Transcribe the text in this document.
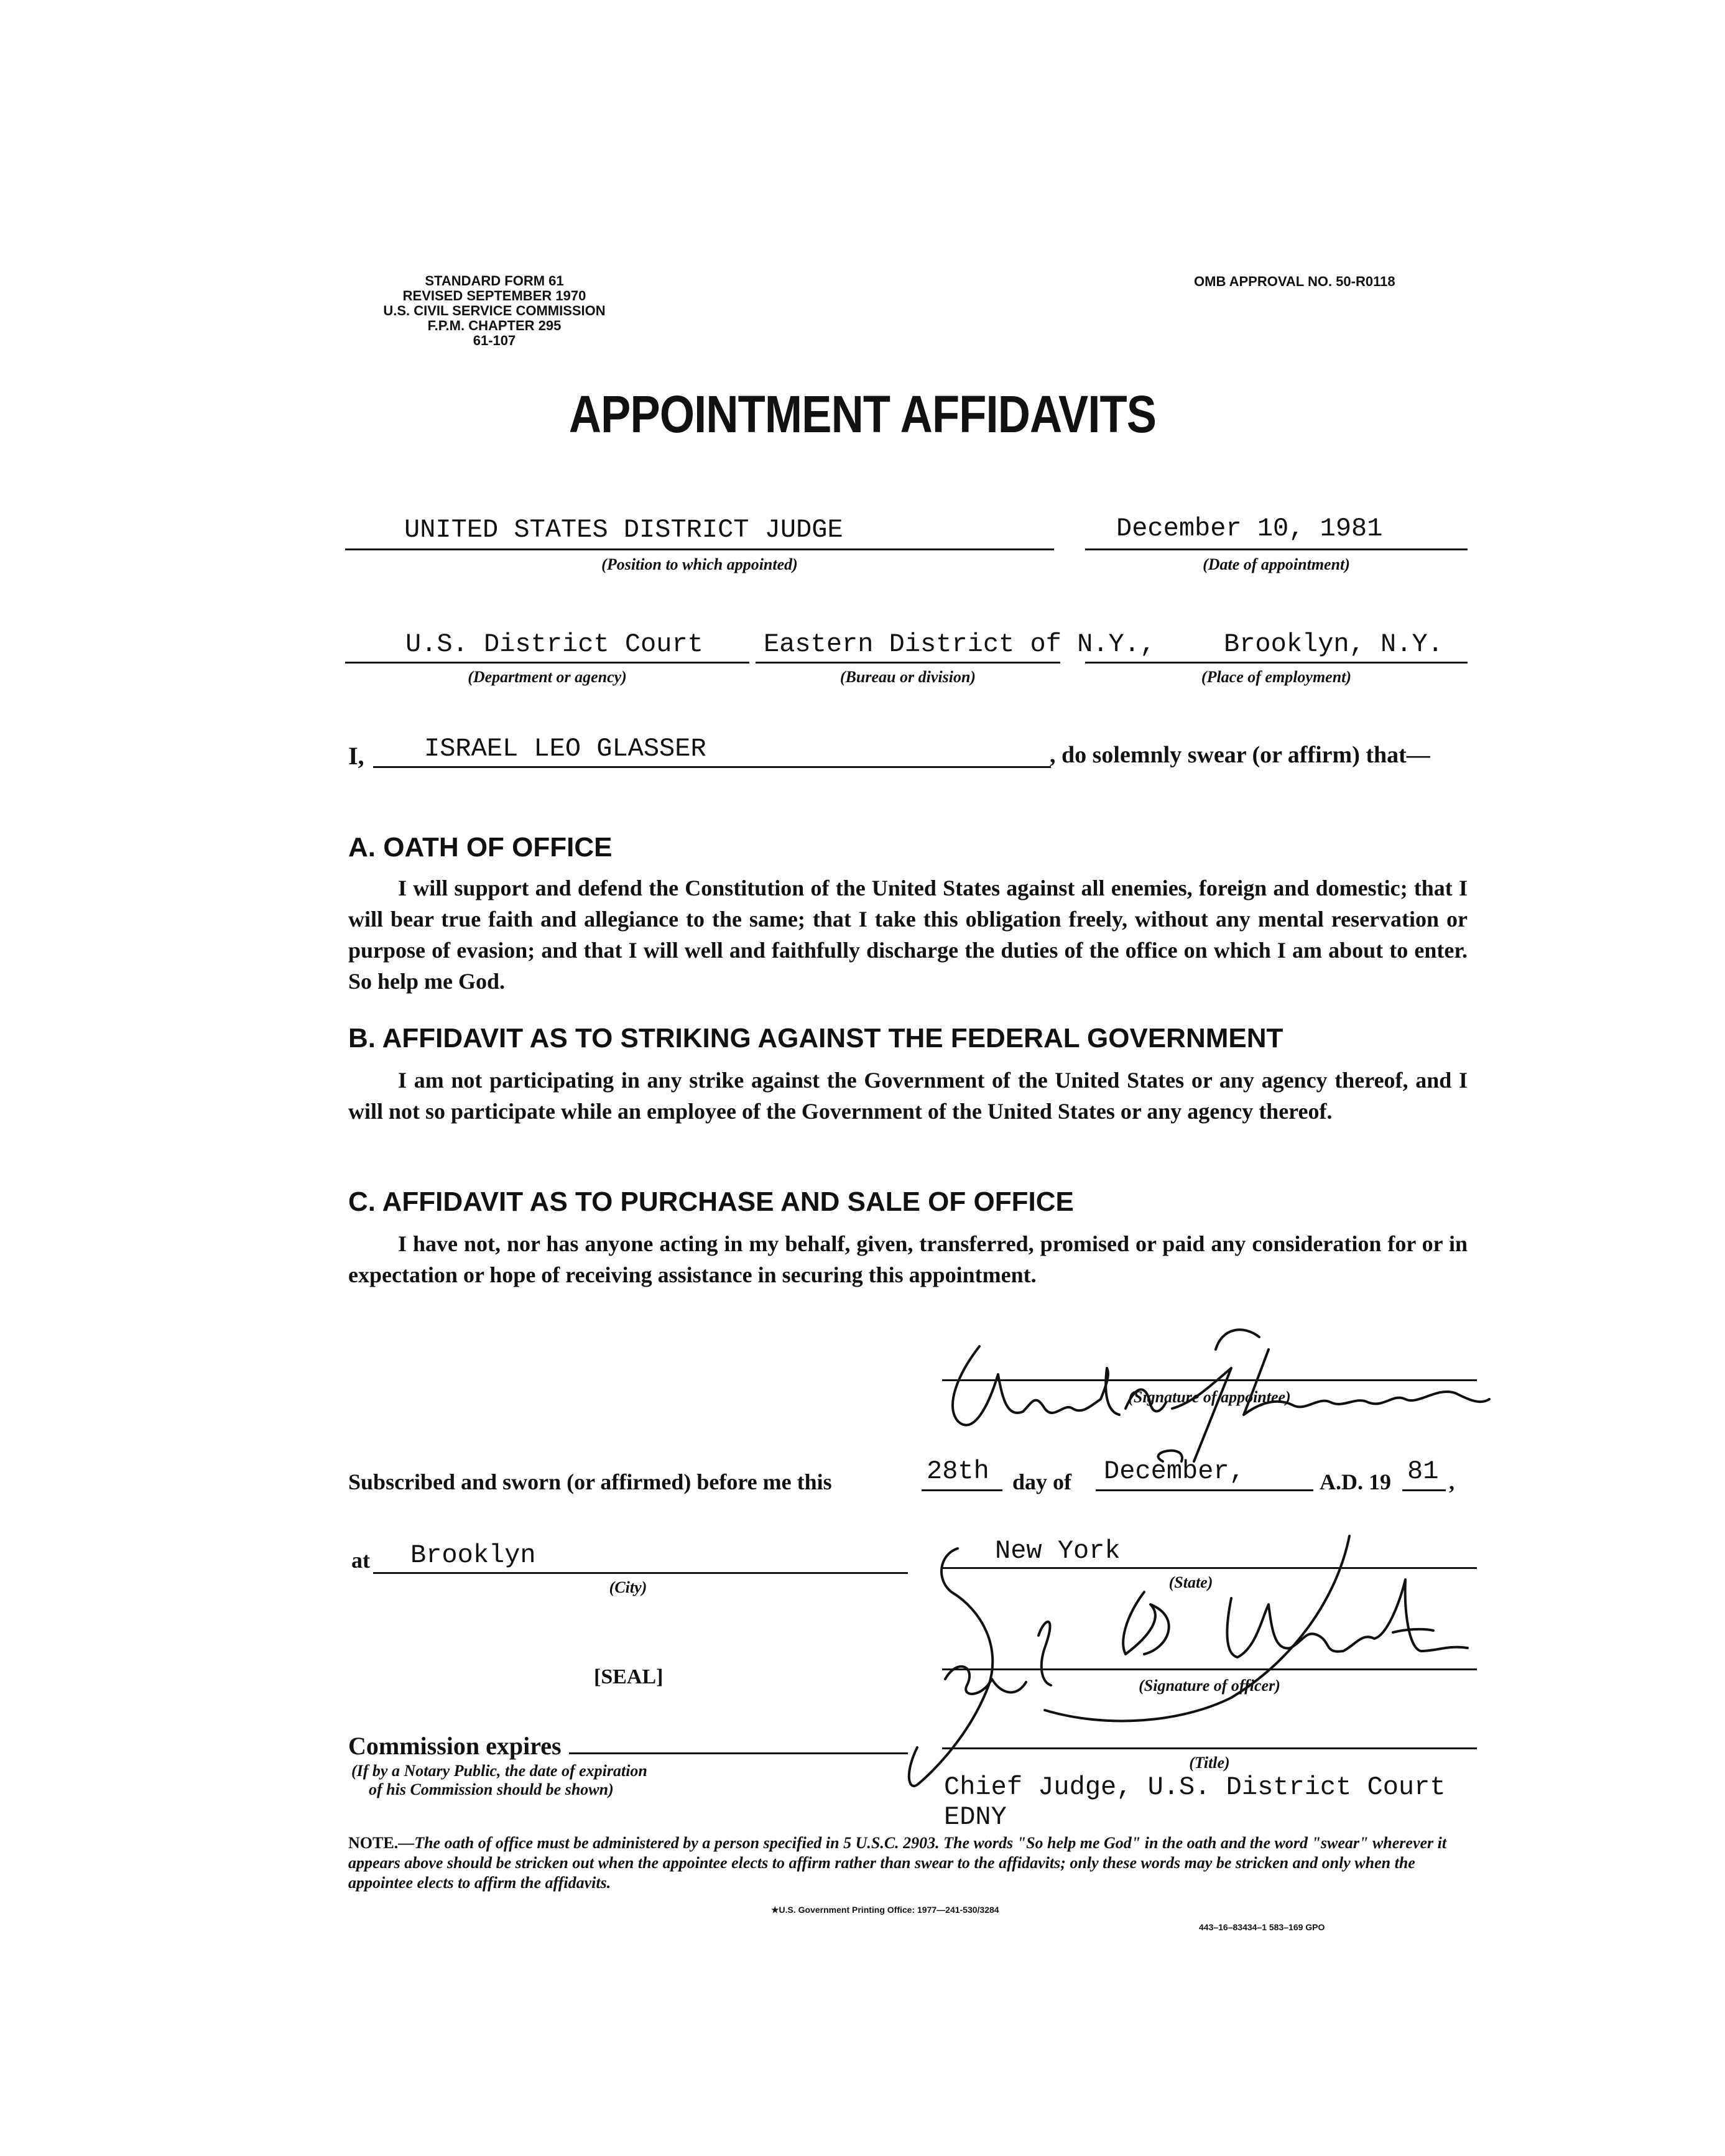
STANDARD FORM 61
REVISED SEPTEMBER 1970
U.S. CIVIL SERVICE COMMISSION
F.P.M. CHAPTER 295
61-107
OMB APPROVAL NO. 50-R0118
APPOINTMENT AFFIDAVITS
UNITED STATES DISTRICT JUDGE
(Position to which appointed)
December 10, 1981
(Date of appointment)
U.S. District Court Eastern District of N.Y.,	Brooklyn, N.Y.
(Department or agency)	(Bureau or division)	(Place of employment)
I, ISRAEL LEO GLASSER	, do solemnly swear (or affirm) that—
A. OATH OF OFFICE
I will support and defend the Constitution of the United States against all enemies, foreign and domestic; that I will bear true faith and allegiance to the same; that I take this obligation freely, without any mental reservation or purpose of evasion; and that I will well and faithfully discharge the duties of the office on which I am about to enter. So help me God.
B. AFFIDAVIT AS TO STRIKING AGAINST THE FEDERAL GOVERNMENT
I am not participating in any strike against the Government of the United States or any agency thereof, and I will not so participate while an employee of the Government of the United States or any agency thereof.
C. AFFIDAVIT AS TO PURCHASE AND SALE OF OFFICE
I have not, nor has anyone acting in my behalf, given, transferred, promised or paid any consideration for or in expectation or hope of receiving assistance in securing this appointment.
(Signature of appointee)
Subscribed and sworn (or affirmed) before me this	28th day of December,	A.D. 19 81 ,
at Brooklyn
(City)
New York
(State)
(Signature of officer)
[SEAL]
Commission expires
(If by a Notary Public, the date of expiration
of his Commission should be shown)
(Title)
Chief Judge, U.S. District Court
EDNY
NOTE.—The oath of office must be administered by a person specified in 5 U.S.C. 2903. The words "So help me God" in the oath and the word "swear" wherever it appears above should be stricken out when the appointee elects to affirm rather than swear to the affidavits; only these words may be stricken and only when the appointee elects to affirm the affidavits.
★U.S. Government Printing Office: 1977—241-530/3284
443–16–83434–1 583–169 GPO
